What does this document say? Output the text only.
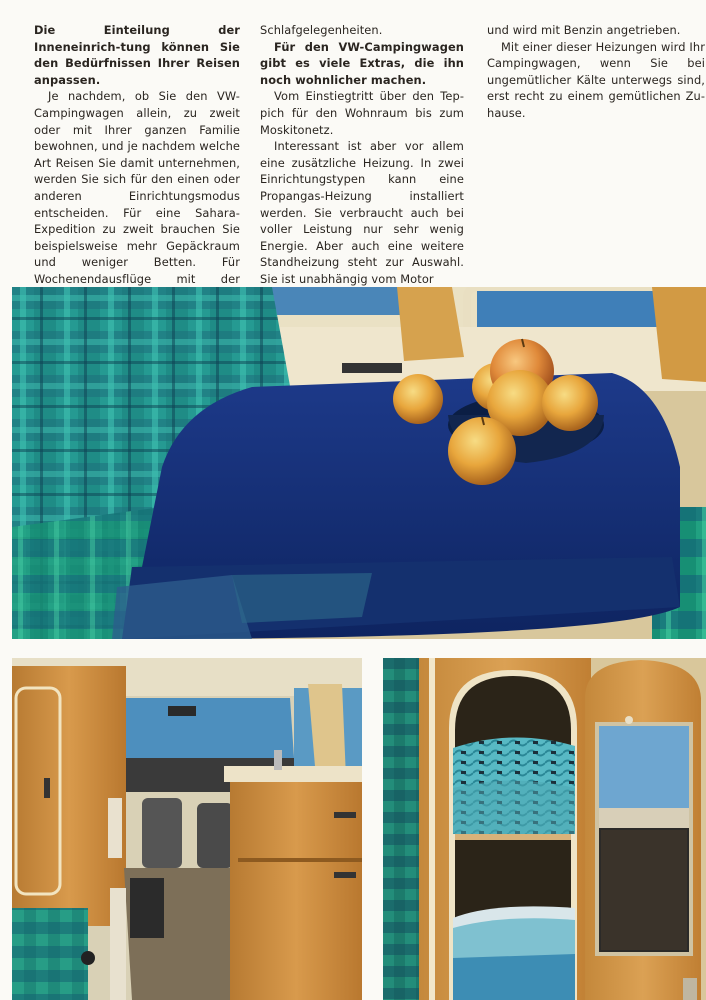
Die Einteilung der Inneneinrich-tung können Sie den Bedürfnissen Ihrer Reisen anpassen.

Je nachdem, ob Sie den VW-Campingwagen allein, zu zweit oder mit Ihrer ganzen Familie bewohnen, und je nachdem welche Art Reisen Sie damit unternehmen, werden Sie sich für den einen oder anderen Einrichtungsmodus entscheiden. Für eine Sahara-Expedition zu zweit brauchen Sie beispielsweise mehr Gepäckraum und weniger Betten. Für Wochenendausflüge mit der

Schlafgelegenheiten.

Für den VW-Campingwagen gibt es viele Extras, die ihn noch wohnlicher machen.

Vom Einstiegtritt über den Teppich für den Wohnraum bis zum Moskitonetz.

Interessant ist aber vor allem eine zusätzliche Heizung. In zwei Einrichtungstypen kann eine Propangas-Heizung installiert werden. Sie verbraucht auch bei voller Leistung nur sehr wenig Energie. Aber auch eine weitere Standheizung steht zur Auswahl. Sie ist unabhängig vom Motor

und wird mit Benzin angetrieben.

Mit einer dieser Heizungen wird Ihr Campingwagen, wenn Sie bei ungemütlicher Kälte unterwegs sind, erst recht zu einem gemütlichen Zuhause.
